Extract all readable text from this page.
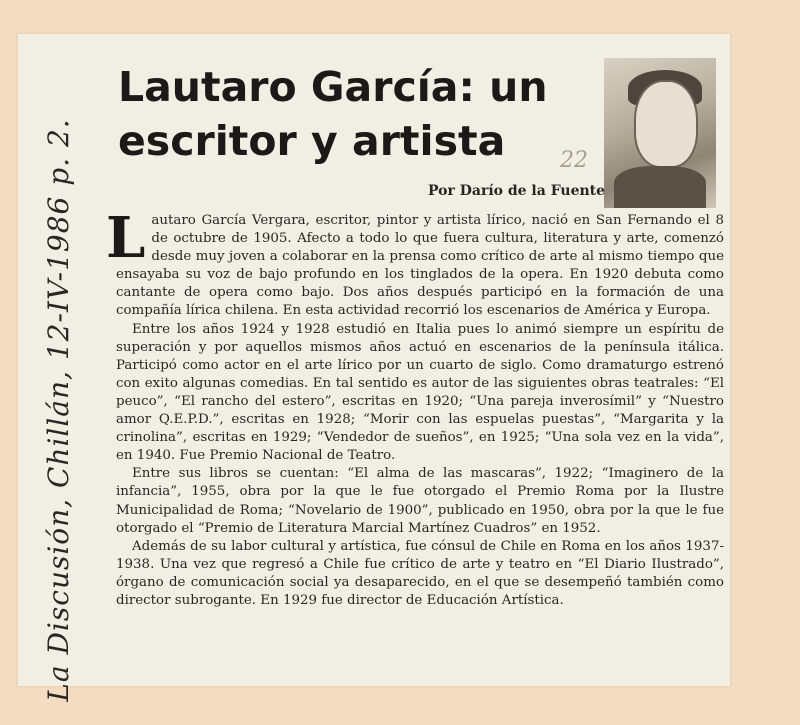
La Discusión, Chillán, 12-IV-1986 p. 2.
Lautaro García: un escritor y artista	22
Por Darío de la Fuente

Lautaro García Vergara, escritor, pintor y artista lírico, nació en San Fernando el 8 de octubre de 1905. Afecto a todo lo que fuera cultura, literatura y arte, comenzó desde muy joven a colaborar en la prensa como crítico de arte al mismo tiempo que ensayaba su voz de bajo profundo en los tinglados de la opera. En 1920 debuta como cantante de opera como bajo. Dos años después participó en la formación de una compañía lírica chilena. En esta actividad recorrió los escenarios de América y Europa.

Entre los años 1924 y 1928 estudió en Italia pues lo animó siempre un espíritu de superación y por aquellos mismos años actuó en escenarios de la península itálica. Participó como actor en el arte lírico por un cuarto de siglo. Como dramaturgo estrenó con exito algunas comedias. En tal sentido es autor de las siguientes obras teatrales: “El peuco”, “El rancho del estero”, escritas en 1920; “Una pareja inverosímil” y “Nuestro amor Q.E.P.D.”, escritas en 1928; “Morir con las espuelas puestas”, “Margarita y la crinolina”, escritas en 1929; “Vendedor de sueños”, en 1925; “Una sola vez en la vida”, en 1940. Fue Premio Nacional de Teatro.

Entre sus libros se cuentan: “El alma de las mascaras”, 1922; “Imaginero de la infancia”, 1955, obra por la que le fue otorgado el Premio Roma por la Ilustre Municipalidad de Roma; “Novelario de 1900”, publicado en 1950, obra por la que le fue otorgado el “Premio de Literatura Marcial Martínez Cuadros” en 1952.

Además de su labor cultural y artística, fue cónsul de Chile en Roma en los años 1937-1938. Una vez que regresó a Chile fue crítico de arte y teatro en “El Diario Ilustrado”, órgano de comunicación social ya desaparecido, en el que se desempeñó también como director subrogante. En 1929 fue director de Educación Artística.
